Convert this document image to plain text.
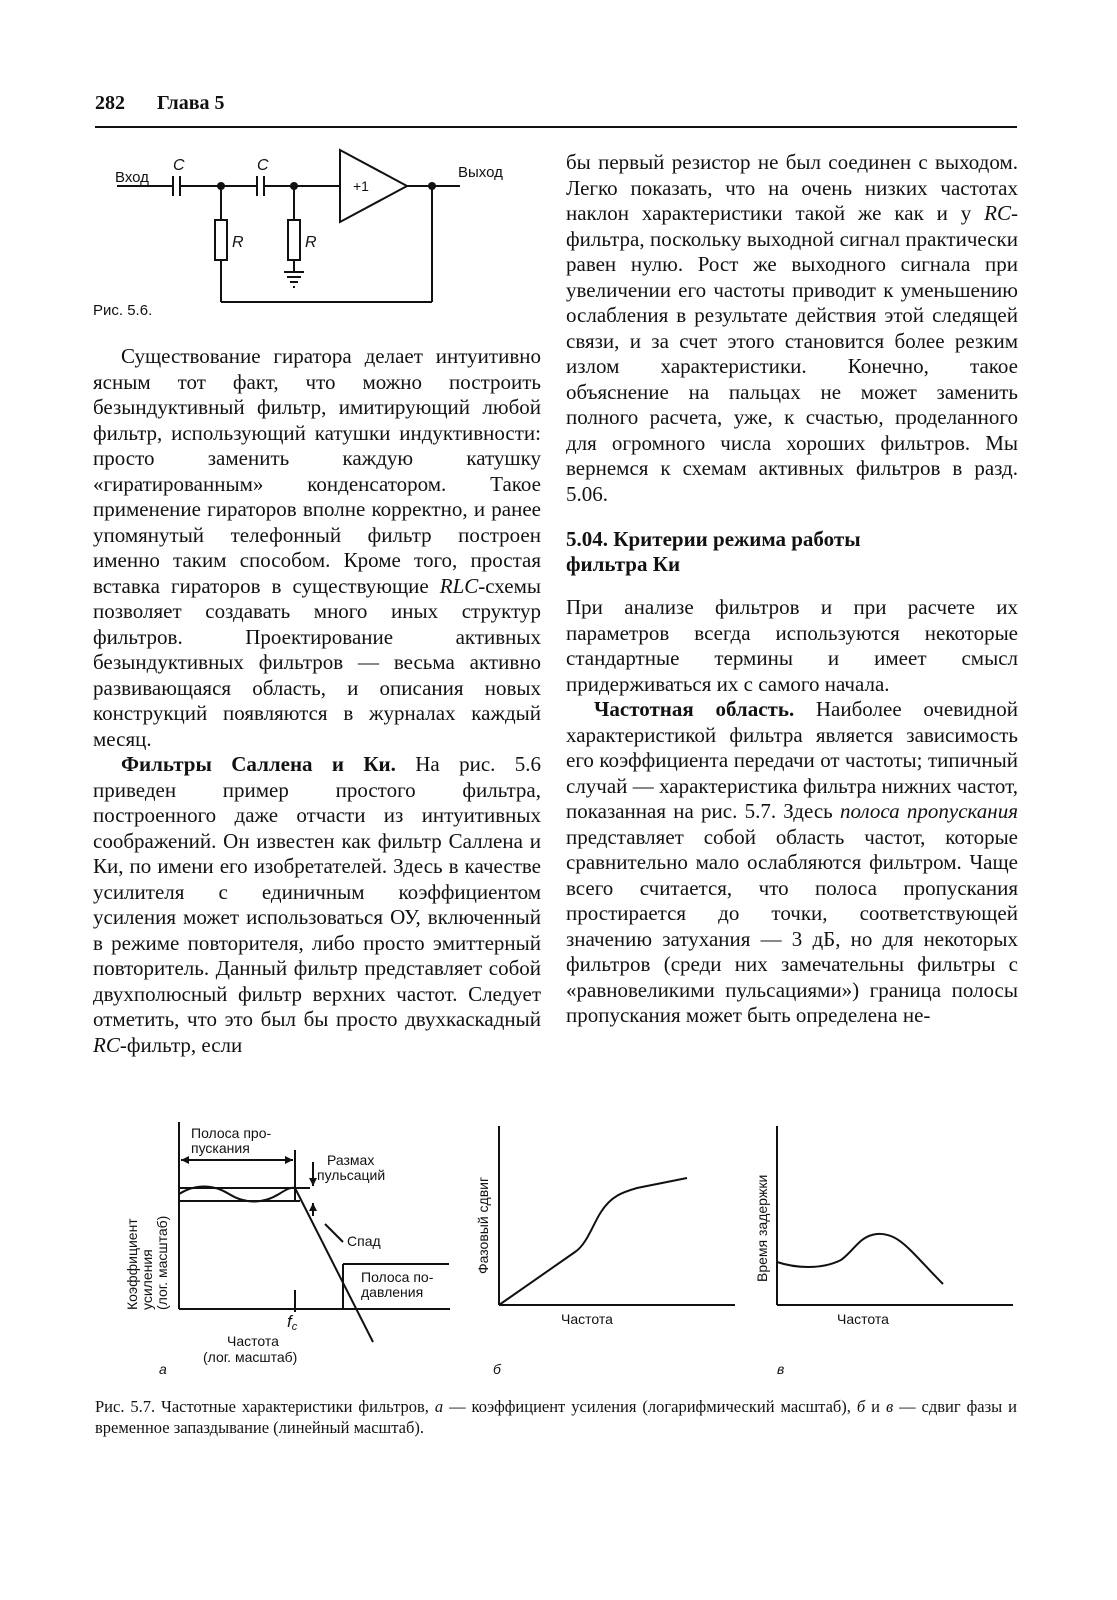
282 Глава 5
Вход
C	C
R	R
+1
Выход
Рис. 5.6.

Существование гиратора делает интуитивно ясным тот факт, что можно построить безындуктивный фильтр, имитирующий любой фильтр, использующий катушки индуктивности: просто заменить каждую катушку «гиратированным» конденсатором. Такое применение гираторов вполне корректно, и ранее упомянутый телефонный фильтр построен именно таким способом. Кроме того, простая вставка гираторов в существующие RLC-схемы позволяет создавать много иных структур фильтров. Проектирование активных безындуктивных фильтров — весьма активно развивающаяся область, и описания новых конструкций появляются в журналах каждый месяц.

Фильтры Саллена и Ки. На рис. 5.6 приведен пример простого фильтра, построенного даже отчасти из интуитивных соображений. Он известен как фильтр Саллена и Ки, по имени его изобретателей. Здесь в качестве усилителя с единичным коэффициентом усиления может использоваться ОУ, включенный в режиме повторителя, либо просто эмиттерный повторитель. Данный фильтр представляет собой двухполюсный фильтр верхних частот. Следует отметить, что это был бы просто двухкаскадный RC-фильтр, если

бы первый резистор не был соединен с выходом. Легко показать, что на очень низких частотах наклон характеристики такой же как и у RC-фильтра, поскольку выходной сигнал практически равен нулю. Рост же выходного сигнала при увеличении его частоты приводит к уменьшению ослабления в результате действия этой следящей связи, и за счет этого становится более резким излом характеристики. Конечно, такое объяснение на пальцах не может заменить полного расчета, уже, к счастью, проделанного для огромного числа хороших фильтров. Мы вернемся к схемам активных фильтров в разд. 5.06.

5.04. Критерии режима работы
фильтра Ки

При анализе фильтров и при расчете их параметров всегда используются некоторые стандартные термины и имеет смысл придерживаться их с самого начала.

Частотная область. Наиболее очевидной характеристикой фильтра является зависимость его коэффициента передачи от частоты; типичный случай — характеристика фильтра нижних частот, показанная на рис. 5.7. Здесь полоса пропускания представляет собой область частот, которые сравнительно мало ослабляются фильтром. Чаще всего считается, что полоса пропускания простирается до точки, соответствующей значению затухания — 3 дБ, но для некоторых фильтров (среди них замечательны фильтры с «равновеликими пульсациями») граница полосы пропускания может быть определена не-

Коэффициент усиления (лог. масштаб)
Полоса про-
пускания
Размах
пульсаций
Спад
Полоса по-
давления
fc
Частота
(лог. масштаб)
а
Фазовый сдвиг
Частота
б
Время задержки
Частота
в
Рис. 5.7. Частотные характеристики фильтров, а — коэффициент усиления (логарифмический масштаб), б и в — сдвиг фазы и временное запаздывание (линейный масштаб).
